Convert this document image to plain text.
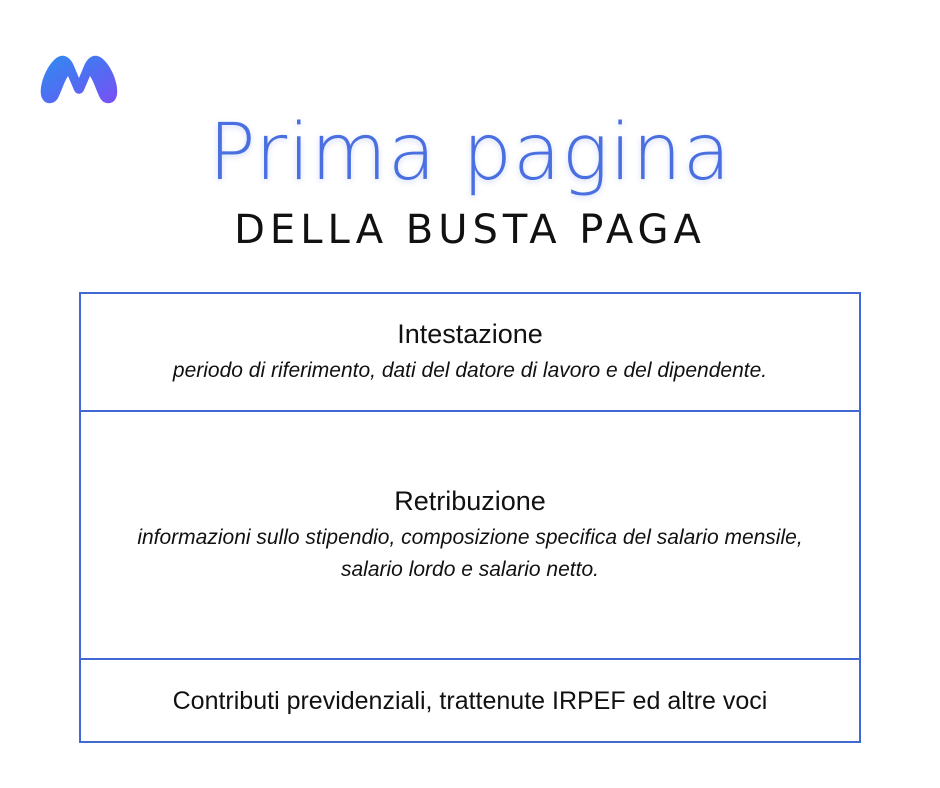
Prima pagina
DELLA BUSTA PAGA
Intestazione
periodo di riferimento, dati del datore di lavoro e del dipendente.
Retribuzione
informazioni sullo stipendio, composizione specifica del salario mensile, salario lordo e salario netto.
Contributi previdenziali, trattenute IRPEF ed altre voci
